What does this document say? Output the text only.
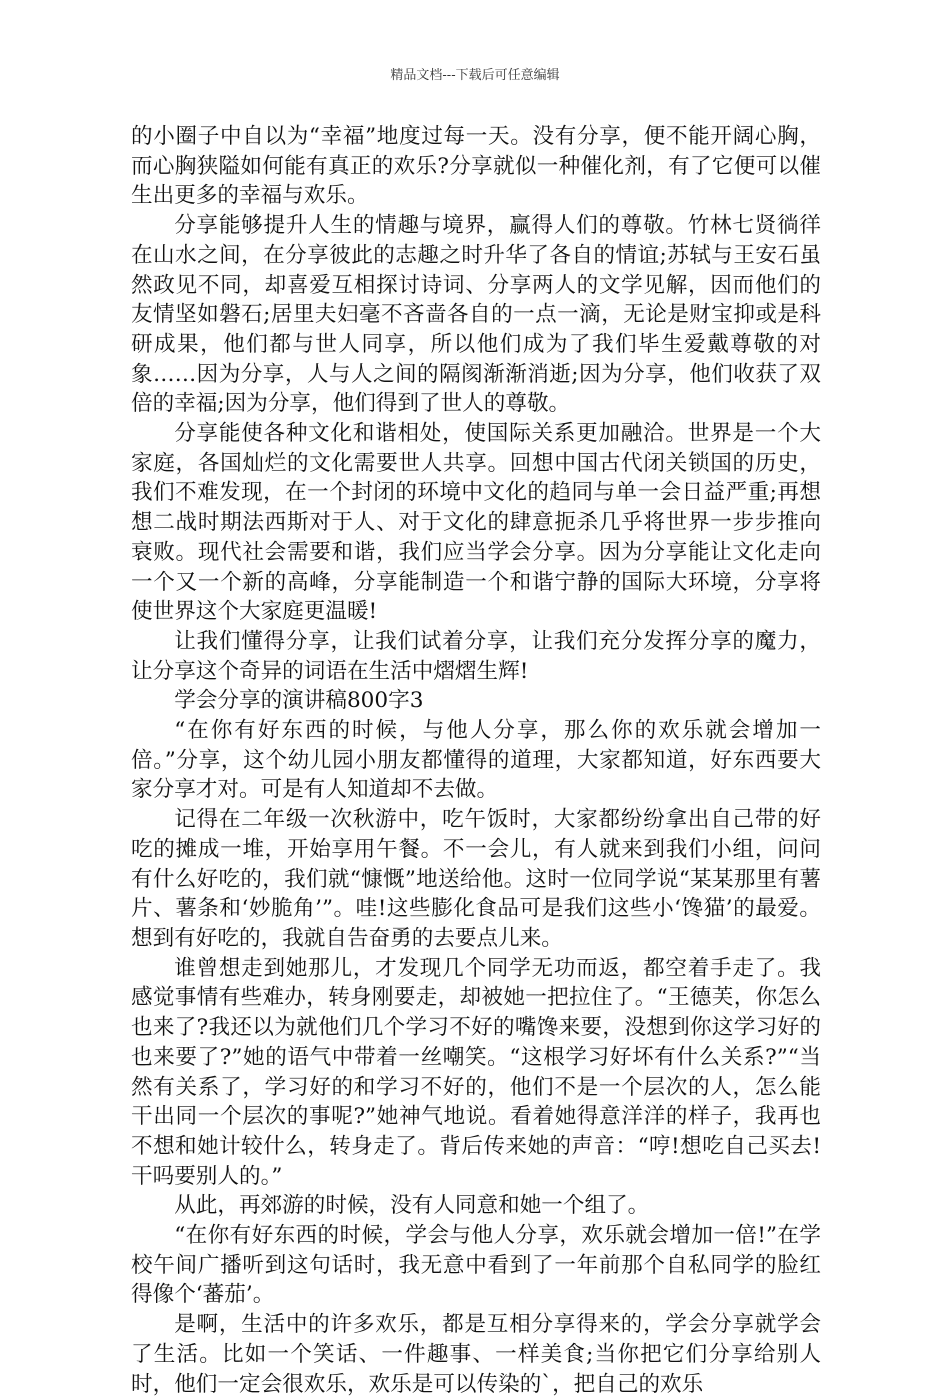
精品文档---下载后可任意编辑

的小圈子中自以为“幸福”地度过每一天。没有分享，便不能开阔心胸，而心胸狭隘如何能有真正的欢乐?分享就似一种催化剂，有了它便可以催生出更多的幸福与欢乐。

分享能够提升人生的情趣与境界，赢得人们的尊敬。竹林七贤徜徉在山水之间，在分享彼此的志趣之时升华了各自的情谊;苏轼与王安石虽然政见不同，却喜爱互相探讨诗词、分享两人的文学见解，因而他们的友情坚如磐石;居里夫妇毫不吝啬各自的一点一滴，无论是财宝抑或是科研成果，他们都与世人同享，所以他们成为了我们毕生爱戴尊敬的对象……因为分享，人与人之间的隔阂渐渐消逝;因为分享，他们收获了双倍的幸福;因为分享，他们得到了世人的尊敬。

分享能使各种文化和谐相处，使国际关系更加融洽。世界是一个大家庭，各国灿烂的文化需要世人共享。回想中国古代闭关锁国的历史，我们不难发现，在一个封闭的环境中文化的趋同与单一会日益严重;再想想二战时期法西斯对于人、对于文化的肆意扼杀几乎将世界一步步推向衰败。现代社会需要和谐，我们应当学会分享。因为分享能让文化走向一个又一个新的高峰，分享能制造一个和谐宁静的国际大环境，分享将使世界这个大家庭更温暖!

让我们懂得分享，让我们试着分享，让我们充分发挥分享的魔力，让分享这个奇异的词语在生活中熠熠生辉!

学会分享的演讲稿800字3

“在你有好东西的时候，与他人分享，那么你的欢乐就会增加一倍。”分享，这个幼儿园小朋友都懂得的道理，大家都知道，好东西要大家分享才对。可是有人知道却不去做。

记得在二年级一次秋游中，吃午饭时，大家都纷纷拿出自己带的好吃的摊成一堆，开始享用午餐。不一会儿，有人就来到我们小组，问问有什么好吃的，我们就“慷慨”地送给他。这时一位同学说“某某那里有薯片、薯条和‘妙脆角’”。哇!这些膨化食品可是我们这些小‘馋猫’的最爱。想到有好吃的，我就自告奋勇的去要点儿来。

谁曾想走到她那儿，才发现几个同学无功而返，都空着手走了。我感觉事情有些难办，转身刚要走，却被她一把拉住了。“王德芙，你怎么也来了?我还以为就他们几个学习不好的嘴馋来要，没想到你这学习好的也来要了?”她的语气中带着一丝嘲笑。“这根学习好坏有什么关系?”“当然有关系了，学习好的和学习不好的，他们不是一个层次的人，怎么能干出同一个层次的事呢?”她神气地说。看着她得意洋洋的样子，我再也不想和她计较什么，转身走了。背后传来她的声音：“哼!想吃自己买去!干吗要别人的。”

从此，再郊游的时候，没有人同意和她一个组了。

“在你有好东西的时候，学会与他人分享，欢乐就会增加一倍!”在学校午间广播听到这句话时，我无意中看到了一年前那个自私同学的脸红得像个‘蕃茄’。

是啊，生活中的许多欢乐，都是互相分享得来的，学会分享就学会了生活。比如一个笑话、一件趣事、一样美食;当你把它们分享给别人时，他们一定会很欢乐，欢乐是可以传染的`，把自己的欢乐
